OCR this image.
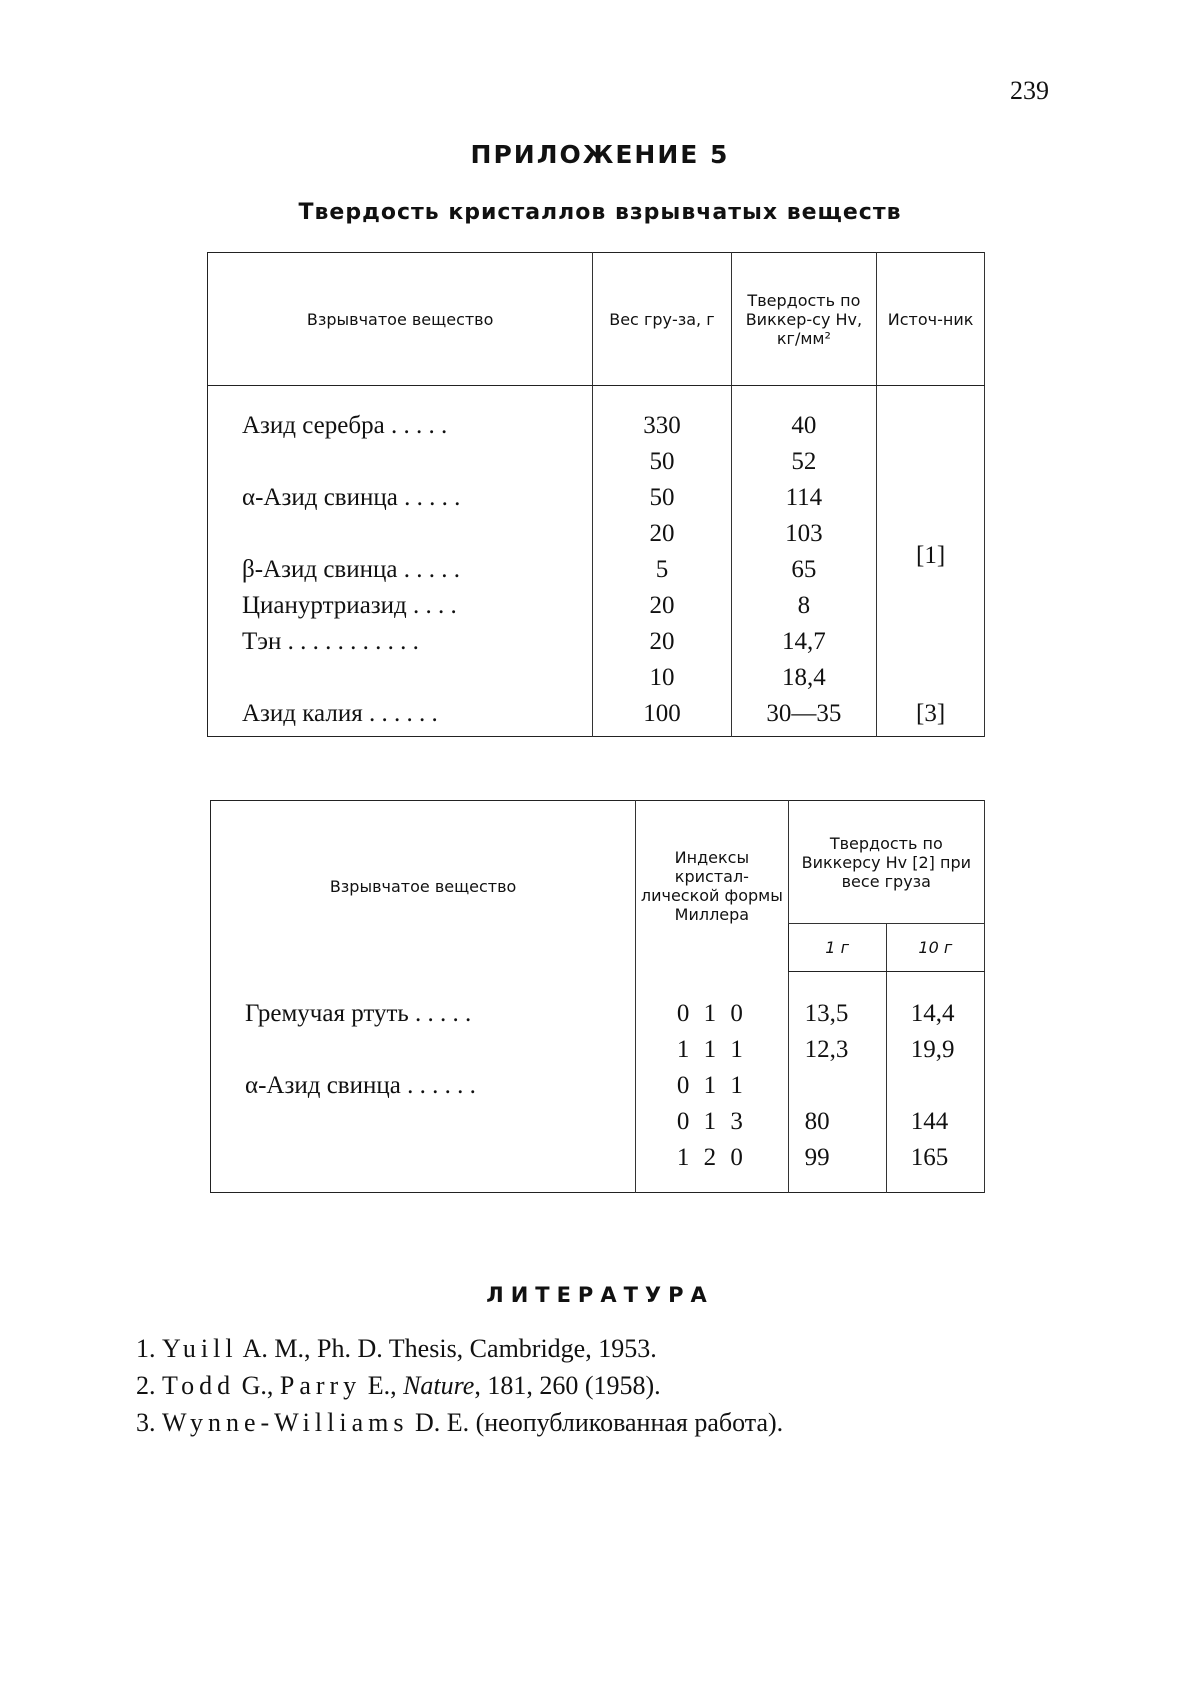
239
ПРИЛОЖЕНИЕ 5
Твердость кристаллов взрывчатых веществ
Взрывчатое вещество	Вес гру-за, г	Твердость по Виккер-су Hv, кг/мм²	Источ-ник
Азид серебра . . . . .	330	40	[1]
	50	52	
α-Азид свинца . . . . .	50	114	
	20	103	
β-Азид свинца . . . . .	5	65	
Циануртриазид . . . .	20	8	
Тэн . . . . . . . . . . .	20	14,7	
	10	18,4	
Азид калия . . . . . .	100	30—35	[3]
Взрывчатое вещество	Индексы кристал-лической формы Миллера	Твердость по Виккерсу Hv [2] при весе груза	
		1 г	10 г
Гремучая ртуть . . . . .	0 1 0	13,5	14,4
	1 1 1	12,3	19,9
α-Азид свинца . . . . . .	0 1 1		
	0 1 3	80	144
	1 2 0	99	165
ЛИТЕРАТУРА
1. Yuill A. M., Ph. D. Thesis, Cambridge, 1953.
2. Todd G., Parry E., Nature, 181, 260 (1958).
3. Wynne-Williams D. E. (неопубликованная работа).
